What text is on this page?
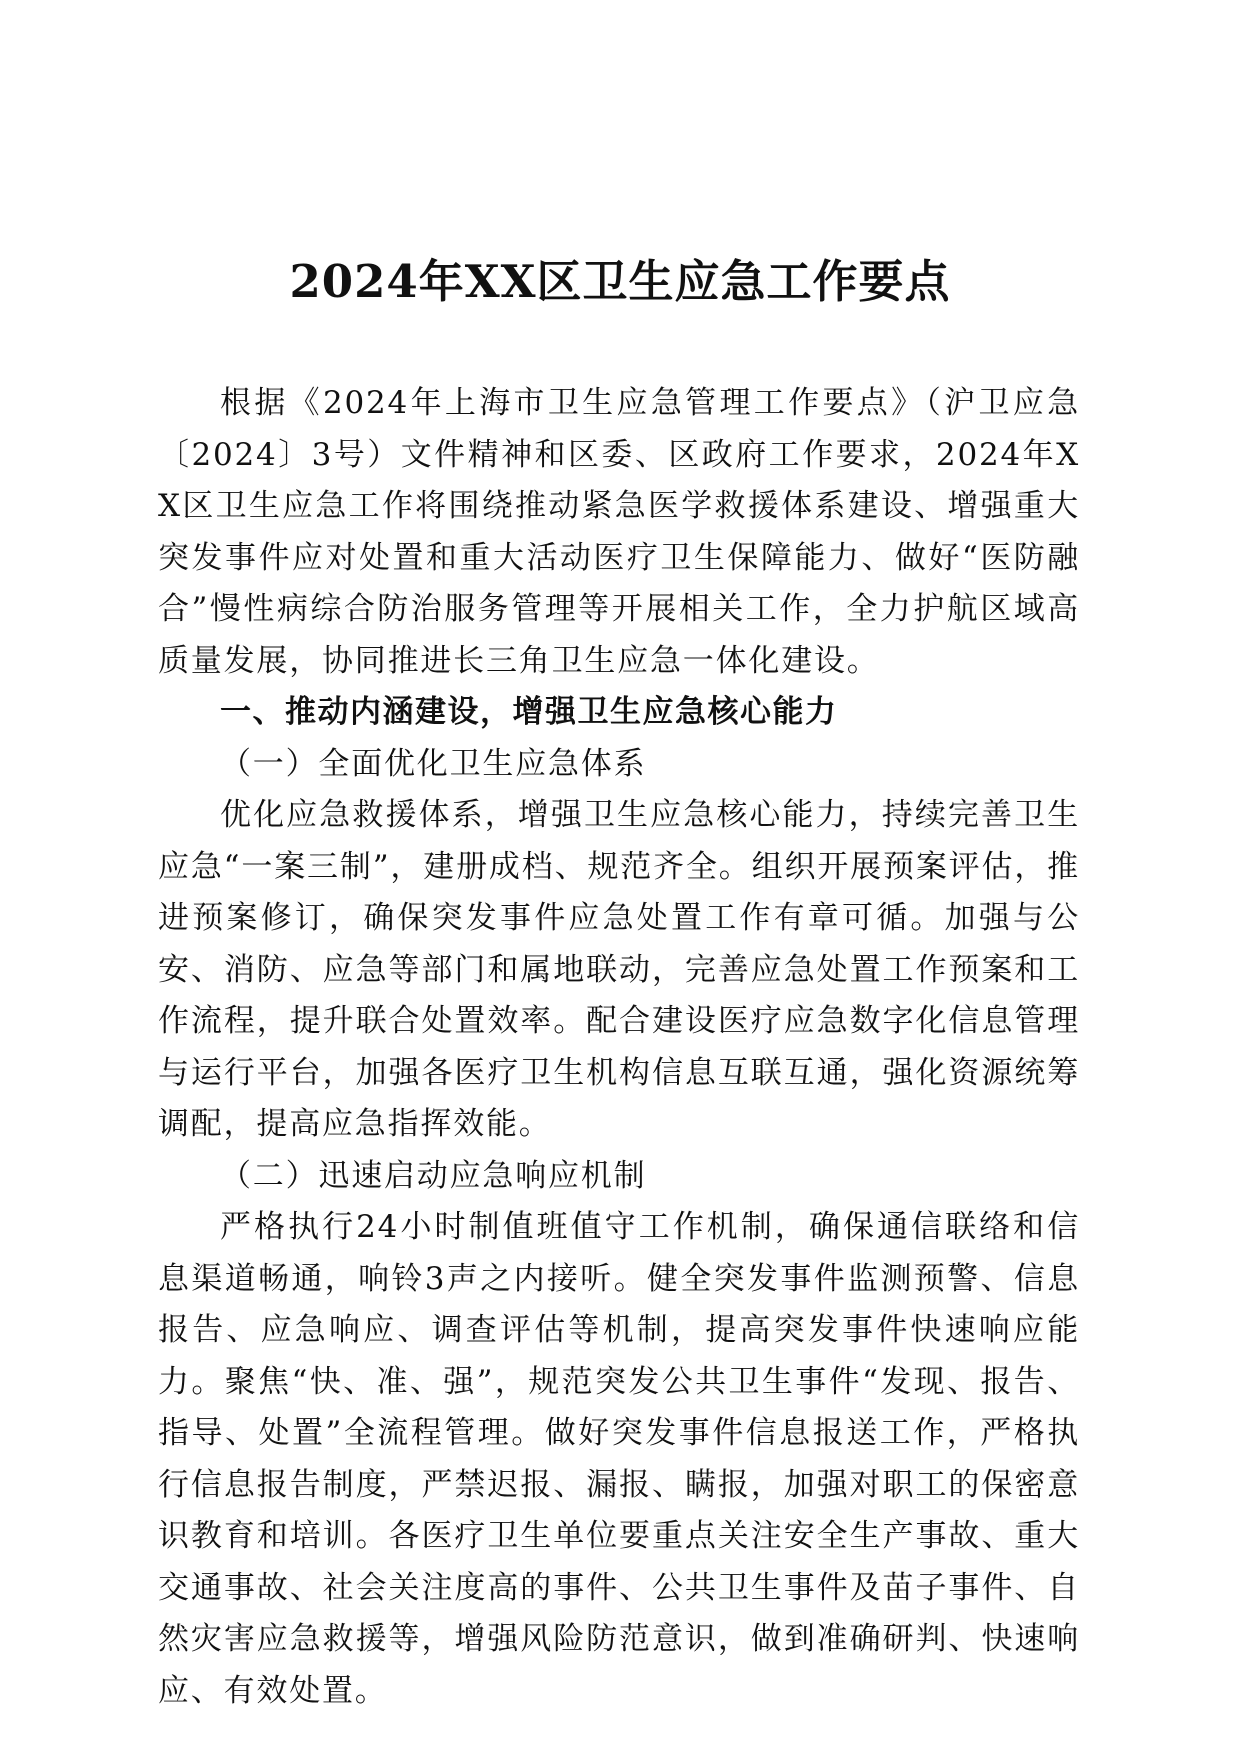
2024年XX区卫生应急工作要点

根据《2024年上海市卫生应急管理工作要点》（沪卫应急〔2024〕3号）文件精神和区委、区政府工作要求，2024年XX区卫生应急工作将围绕推动紧急医学救援体系建设、增强重大突发事件应对处置和重大活动医疗卫生保障能力、做好“医防融合”慢性病综合防治服务管理等开展相关工作，全力护航区域高质量发展，协同推进长三角卫生应急一体化建设。

一、推动内涵建设，增强卫生应急核心能力

（一）全面优化卫生应急体系

优化应急救援体系，增强卫生应急核心能力，持续完善卫生应急“一案三制”，建册成档、规范齐全。组织开展预案评估，推进预案修订，确保突发事件应急处置工作有章可循。加强与公安、消防、应急等部门和属地联动，完善应急处置工作预案和工作流程，提升联合处置效率。配合建设医疗应急数字化信息管理与运行平台，加强各医疗卫生机构信息互联互通，强化资源统筹调配，提高应急指挥效能。

（二）迅速启动应急响应机制

严格执行24小时制值班值守工作机制，确保通信联络和信息渠道畅通，响铃3声之内接听。健全突发事件监测预警、信息报告、应急响应、调查评估等机制，提高突发事件快速响应能力。聚焦“快、准、强”，规范突发公共卫生事件“发现、报告、指导、处置”全流程管理。做好突发事件信息报送工作，严格执行信息报告制度，严禁迟报、漏报、瞒报，加强对职工的保密意识教育和培训。各医疗卫生单位要重点关注安全生产事故、重大交通事故、社会关注度高的事件、公共卫生事件及苗子事件、自然灾害应急救援等，增强风险防范意识，做到准确研判、快速响应、有效处置。
